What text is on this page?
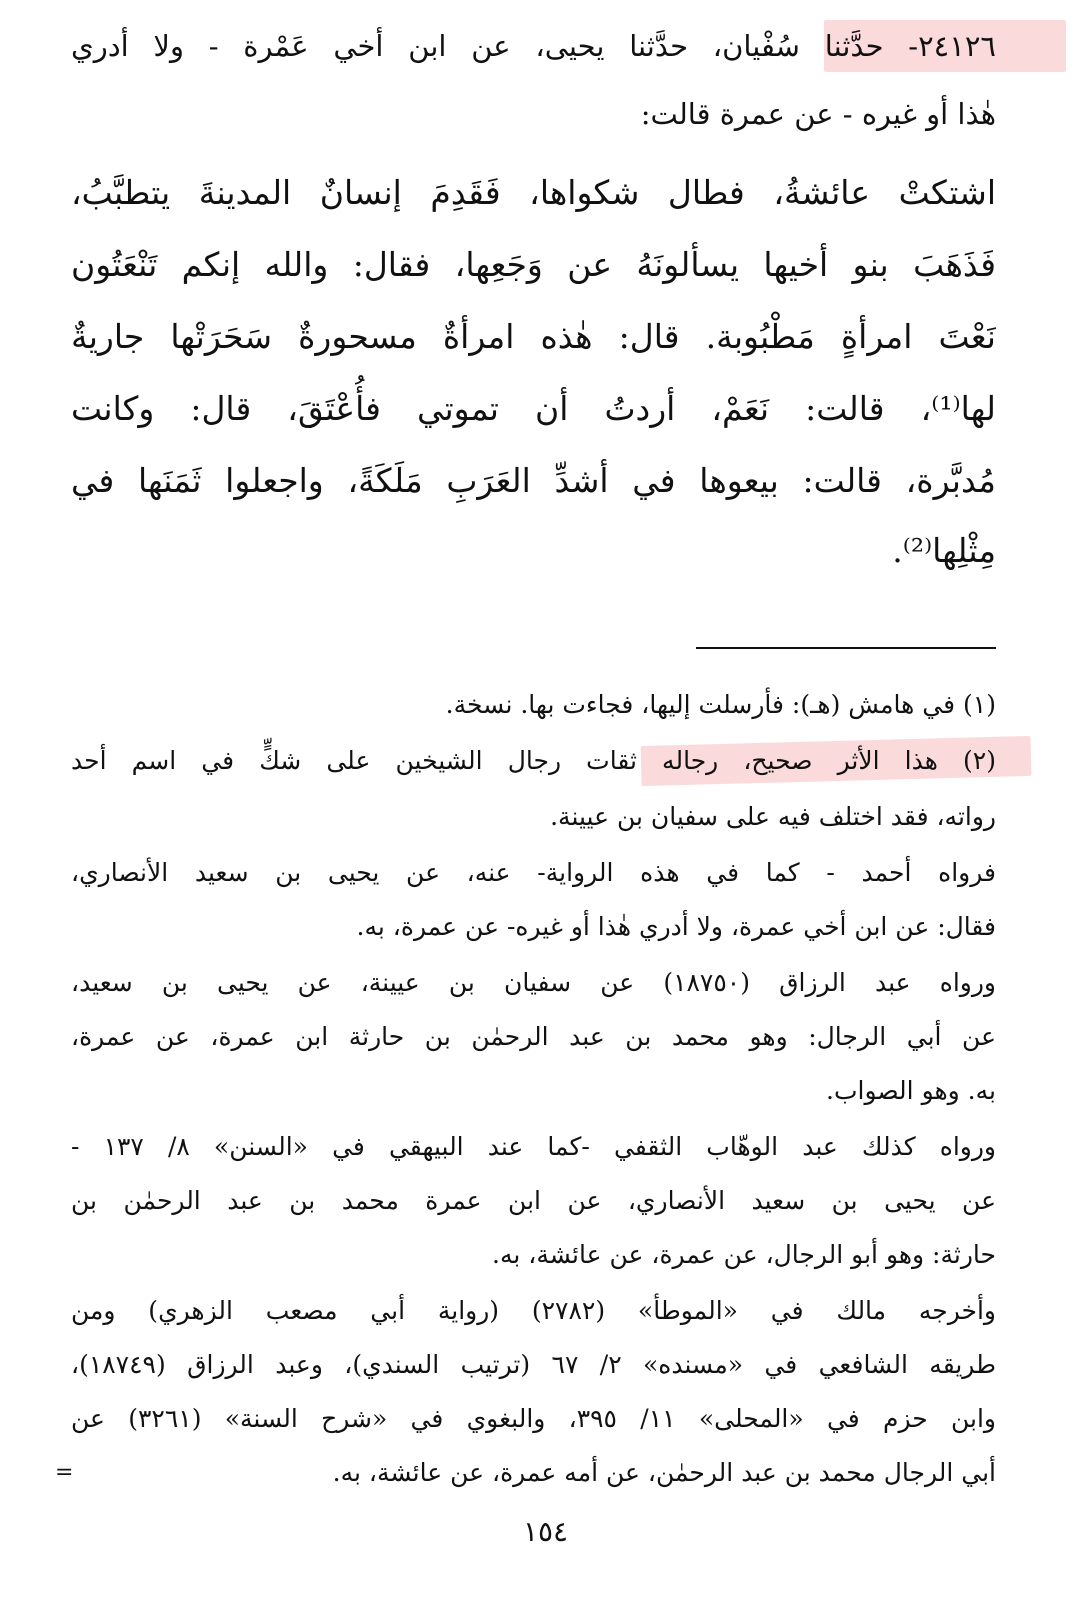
٢٤١٢٦- حدَّثنا سُفْيان، حدَّثنا يحيى، عن ابن أخي عَمْرة - ولا أدري
هٰذا أو غيره - عن عمرة قالت:
اشتكتْ عائشةُ، فطال شكواها، فَقَدِمَ إنسانٌ المدينةَ يتطبَّبُ،
فَذَهَبَ بنو أخيها يسألونَهُ عن وَجَعِها، فقال: والله إنكم تَنْعَتُون
نَعْتَ امرأةٍ مَطْبُوبة. قال: هٰذه امرأةٌ مسحورةٌ سَحَرَتْها جاريةٌ
لها⁽¹⁾، قالت: نَعَمْ، أردتُ أن تموتي فأُعْتَقَ، قال: وكانت
مُدبَّرة، قالت: بيعوها في أشدِّ العَرَبِ مَلَكَةً، واجعلوا ثَمَنَها في
مِثْلِها⁽²⁾.
(١) في هامش (هـ): فأرسلت إليها، فجاءت بها. نسخة.
(٢) هذا الأثر صحيح، رجاله ثقات رجال الشيخين على شكٍّ في اسم أحد
رواته، فقد اختلف فيه على سفيان بن عيينة.
فرواه أحمد - كما في هذه الرواية- عنه، عن يحيى بن سعيد الأنصاري،
فقال: عن ابن أخي عمرة، ولا أدري هٰذا أو غيره- عن عمرة، به.
ورواه عبد الرزاق (١٨٧٥٠) عن سفيان بن عيينة، عن يحيى بن سعيد،
عن أبي الرجال: وهو محمد بن عبد الرحمٰن بن حارثة ابن عمرة، عن عمرة،
به. وهو الصواب.
ورواه كذلك عبد الوهّاب الثقفي -كما عند البيهقي في «السنن» ٨/ ١٣٧ -
عن يحيى بن سعيد الأنصاري، عن ابن عمرة محمد بن عبد الرحمٰن بن
حارثة: وهو أبو الرجال، عن عمرة، عن عائشة، به.
وأخرجه مالك في «الموطأ» (٢٧٨٢) (رواية أبي مصعب الزهري) ومن
طريقه الشافعي في «مسنده» ٢/ ٦٧ (ترتيب السندي)، وعبد الرزاق (١٨٧٤٩)،
وابن حزم في «المحلى» ١١/ ٣٩٥، والبغوي في «شرح السنة» (٣٢٦١) عن
أبي الرجال محمد بن عبد الرحمٰن، عن أمه عمرة، عن عائشة، به.
=
١٥٤
